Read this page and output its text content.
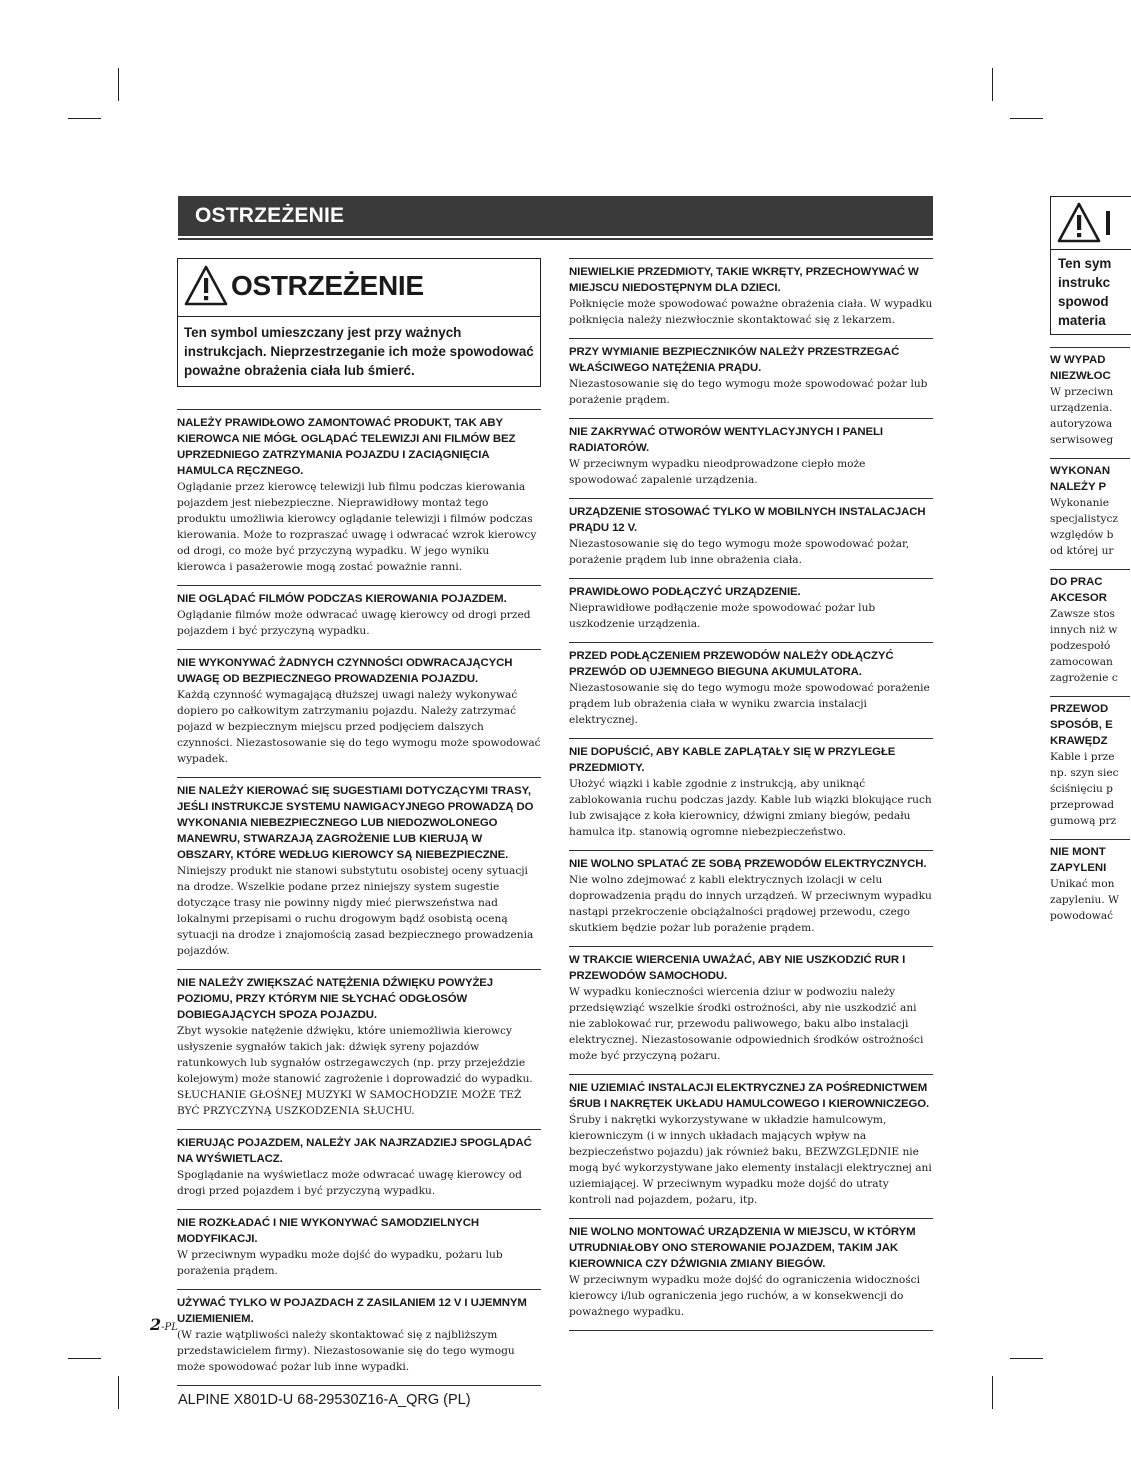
OSTRZEŻENIE
OSTRZEŻENIE
Ten symbol umieszczany jest przy ważnych instrukcjach. Nieprzestrzeganie ich może spowodować poważne obrażenia ciała lub śmierć.
NALEŻY PRAWIDŁOWO ZAMONTOWAĆ PRODUKT, TAK ABY KIEROWCA NIE MÓGŁ OGLĄDAĆ TELEWIZJI ANI FILMÓW BEZ UPRZEDNIEGO ZATRZYMANIA POJAZDU I ZACIĄGNIĘCIA HAMULCA RĘCZNEGO.

Oglądanie przez kierowcę telewizji lub filmu podczas kierowania pojazdem jest niebezpieczne. Nieprawidłowy montaż tego produktu umożliwia kierowcy oglądanie telewizji i filmów podczas kierowania. Może to rozpraszać uwagę i odwracać wzrok kierowcy od drogi, co może być przyczyną wypadku. W jego wyniku kierowca i pasażerowie mogą zostać poważnie ranni.

NIE OGLĄDAĆ FILMÓW PODCZAS KIEROWANIA POJAZDEM.

Oglądanie filmów może odwracać uwagę kierowcy od drogi przed pojazdem i być przyczyną wypadku.

NIE WYKONYWAĆ ŻADNYCH CZYNNOŚCI ODWRACAJĄCYCH UWAGĘ OD BEZPIECZNEGO PROWADZENIA POJAZDU.

Każdą czynność wymagającą dłuższej uwagi należy wykonywać dopiero po całkowitym zatrzymaniu pojazdu. Należy zatrzymać pojazd w bezpiecznym miejscu przed podjęciem dalszych czynności. Niezastosowanie się do tego wymogu może spowodować wypadek.

NIE NALEŻY KIEROWAĆ SIĘ SUGESTIAMI DOTYCZĄCYMI TRASY, JEŚLI INSTRUKCJE SYSTEMU NAWIGACYJNEGO PROWADZĄ DO WYKONANIA NIEBEZPIECZNEGO LUB NIEDOZWOLONEGO MANEWRU, STWARZAJĄ ZAGROŻENIE LUB KIERUJĄ W OBSZARY, KTÓRE WEDŁUG KIEROWCY SĄ NIEBEZPIECZNE.

Niniejszy produkt nie stanowi substytutu osobistej oceny sytuacji na drodze. Wszelkie podane przez niniejszy system sugestie dotyczące trasy nie powinny nigdy mieć pierwszeństwa nad lokalnymi przepisami o ruchu drogowym bądź osobistą oceną sytuacji na drodze i znajomością zasad bezpiecznego prowadzenia pojazdów.

NIE NALEŻY ZWIĘKSZAĆ NATĘŻENIA DŹWIĘKU POWYŻEJ POZIOMU, PRZY KTÓRYM NIE SŁYCHAĆ ODGŁOSÓW DOBIEGAJĄCYCH SPOZA POJAZDU.

Zbyt wysokie natężenie dźwięku, które uniemożliwia kierowcy usłyszenie sygnałów takich jak: dźwięk syreny pojazdów ratunkowych lub sygnałów ostrzegawczych (np. przy przejeździe kolejowym) może stanowić zagrożenie i doprowadzić do wypadku. SŁUCHANIE GŁOŚNEJ MUZYKI W SAMOCHODZIE MOŻE TEŻ BYĆ PRZYCZYNĄ USZKODZENIA SŁUCHU.

KIERUJĄC POJAZDEM, NALEŻY JAK NAJRZADZIEJ SPOGLĄDAĆ NA WYŚWIETLACZ.

Spoglądanie na wyświetlacz może odwracać uwagę kierowcy od drogi przed pojazdem i być przyczyną wypadku.

NIE ROZKŁADAĆ I NIE WYKONYWAĆ SAMODZIELNYCH MODYFIKACJI.

W przeciwnym wypadku może dojść do wypadku, pożaru lub porażenia prądem.

UŻYWAĆ TYLKO W POJAZDACH Z ZASILANIEM 12 V I UJEMNYM UZIEMIENIEM.

(W razie wątpliwości należy skontaktować się z najbliższym przedstawicielem firmy). Niezastosowanie się do tego wymogu może spowodować pożar lub inne wypadki.

NIEWIELKIE PRZEDMIOTY, TAKIE WKRĘTY, PRZECHOWYWAĆ W MIEJSCU NIEDOSTĘPNYM DLA DZIECI.

Połknięcie może spowodować poważne obrażenia ciała. W wypadku połknięcia należy niezwłocznie skontaktować się z lekarzem.

PRZY WYMIANIE BEZPIECZNIKÓW NALEŻY PRZESTRZEGAĆ WŁAŚCIWEGO NATĘŻENIA PRĄDU.

Niezastosowanie się do tego wymogu może spowodować pożar lub porażenie prądem.

NIE ZAKRYWAĆ OTWORÓW WENTYLACYJNYCH I PANELI RADIATORÓW.

W przeciwnym wypadku nieodprowadzone ciepło może spowodować zapalenie urządzenia.

URZĄDZENIE STOSOWAĆ TYLKO W MOBILNYCH INSTALACJACH PRĄDU 12 V.

Niezastosowanie się do tego wymogu może spowodować pożar, porażenie prądem lub inne obrażenia ciała.

PRAWIDŁOWO PODŁĄCZYĆ URZĄDZENIE.

Nieprawidłowe podłączenie może spowodować pożar lub uszkodzenie urządzenia.

PRZED PODŁĄCZENIEM PRZEWODÓW NALEŻY ODŁĄCZYĆ PRZEWÓD OD UJEMNEGO BIEGUNA AKUMULATORA.

Niezastosowanie się do tego wymogu może spowodować porażenie prądem lub obrażenia ciała w wyniku zwarcia instalacji elektrycznej.

NIE DOPUŚCIĆ, ABY KABLE ZAPLĄTAŁY SIĘ W PRZYLEGŁE PRZEDMIOTY.

Ułożyć wiązki i kable zgodnie z instrukcją, aby uniknąć zablokowania ruchu podczas jazdy. Kable lub wiązki blokujące ruch lub zwisające z koła kierownicy, dźwigni zmiany biegów, pedału hamulca itp. stanowią ogromne niebezpieczeństwo.

NIE WOLNO SPLATAĆ ZE SOBĄ PRZEWODÓW ELEKTRYCZNYCH.

Nie wolno zdejmować z kabli elektrycznych izolacji w celu doprowadzenia prądu do innych urządzeń. W przeciwnym wypadku nastąpi przekroczenie obciążalności prądowej przewodu, czego skutkiem będzie pożar lub porażenie prądem.

W TRAKCIE WIERCENIA UWAŻAĆ, ABY NIE USZKODZIĆ RUR I PRZEWODÓW SAMOCHODU.

W wypadku konieczności wiercenia dziur w podwoziu należy przedsięwziąć wszelkie środki ostrożności, aby nie uszkodzić ani nie zablokować rur, przewodu paliwowego, baku albo instalacji elektrycznej. Niezastosowanie odpowiednich środków ostrożności może być przyczyną pożaru.

NIE UZIEMIAĆ INSTALACJI ELEKTRYCZNEJ ZA POŚREDNICTWEM ŚRUB I NAKRĘTEK UKŁADU HAMULCOWEGO I KIEROWNICZEGO.

Śruby i nakrętki wykorzystywane w układzie hamulcowym, kierowniczym (i w innych układach mających wpływ na bezpieczeństwo pojazdu) jak również baku, BEZWZGLĘDNIE nie mogą być wykorzystywane jako elementy instalacji elektrycznej ani uziemiającej. W przeciwnym wypadku może dojść do utraty kontroli nad pojazdem, pożaru, itp.

NIE WOLNO MONTOWAĆ URZĄDZENIA W MIEJSCU, W KTÓRYM UTRUDNIAŁOBY ONO STEROWANIE POJAZDEM, TAKIM JAK KIEROWNICA CZY DŹWIGNIA ZMIANY BIEGÓW.

W przeciwnym wypadku może dojść do ograniczenia widoczności kierowcy i/lub ograniczenia jego ruchów, a w konsekwencji do poważnego wypadku.

Ten sym
instrukc
spowod
materia
W WYPAD
NIEZWŁOC
W przeciwn
urządzenia.
autoryzowa
serwisoweg
WYKONAN
NALEŻY P
Wykonanie
specjalistycz
względów b
od której ur
DO PRAC
AKCESOR
Zawsze stos
innych niż w
podzespołó
zamocowan
zagrożenie c
PRZEWOD
SPOSÓB, E
KRAWĘDZ
Kable i prze
np. szyn siec
ściśnięciu p
przeprowad
gumową prz
NIE MONT
ZAPYLENI
Unikać mon
zapyleniu. W
powodować
2-PL
ALPINE X801D-U 68-29530Z16-A_QRG (PL)
